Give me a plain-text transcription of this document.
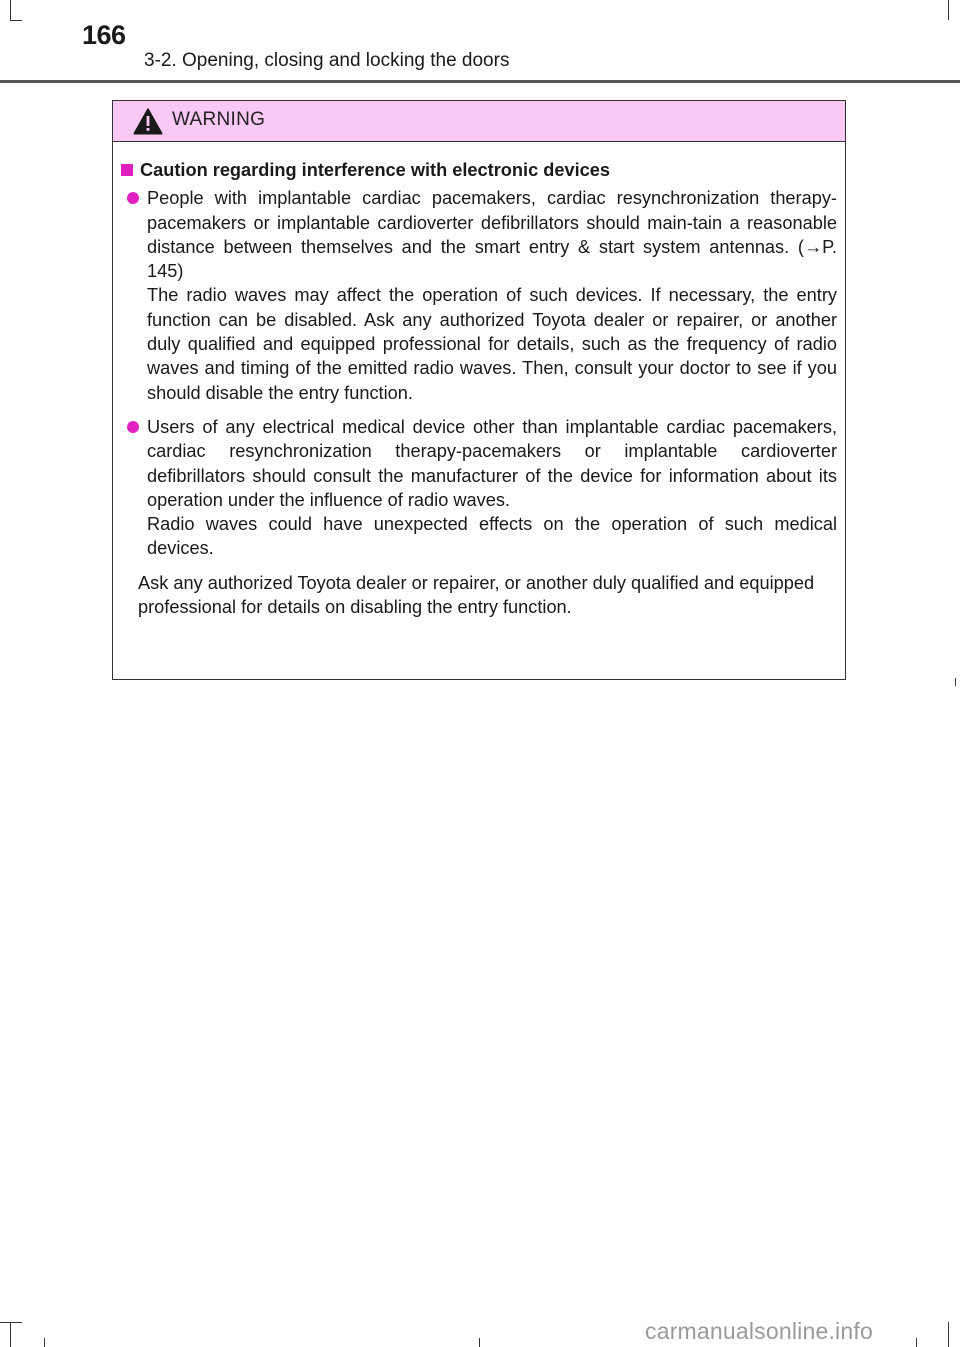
166
3-2. Opening, closing and locking the doors
WARNING
Caution regarding interference with electronic devices

People with implantable cardiac pacemakers, cardiac resynchronization therapy-pacemakers or implantable cardioverter defibrillators should main-tain a reasonable distance between themselves and the smart entry & start system antennas. (→P. 145)

The radio waves may affect the operation of such devices. If necessary, the entry function can be disabled. Ask any authorized Toyota dealer or repairer, or another duly qualified and equipped professional for details, such as the frequency of radio waves and timing of the emitted radio waves. Then, consult your doctor to see if you should disable the entry function.

Users of any electrical medical device other than implantable cardiac pacemakers, cardiac resynchronization therapy-pacemakers or implantable cardioverter defibrillators should consult the manufacturer of the device for information about its operation under the influence of radio waves.

Radio waves could have unexpected effects on the operation of such medical devices.

Ask any authorized Toyota dealer or repairer, or another duly qualified and equipped professional for details on disabling the entry function.

carmanualsonline.info
